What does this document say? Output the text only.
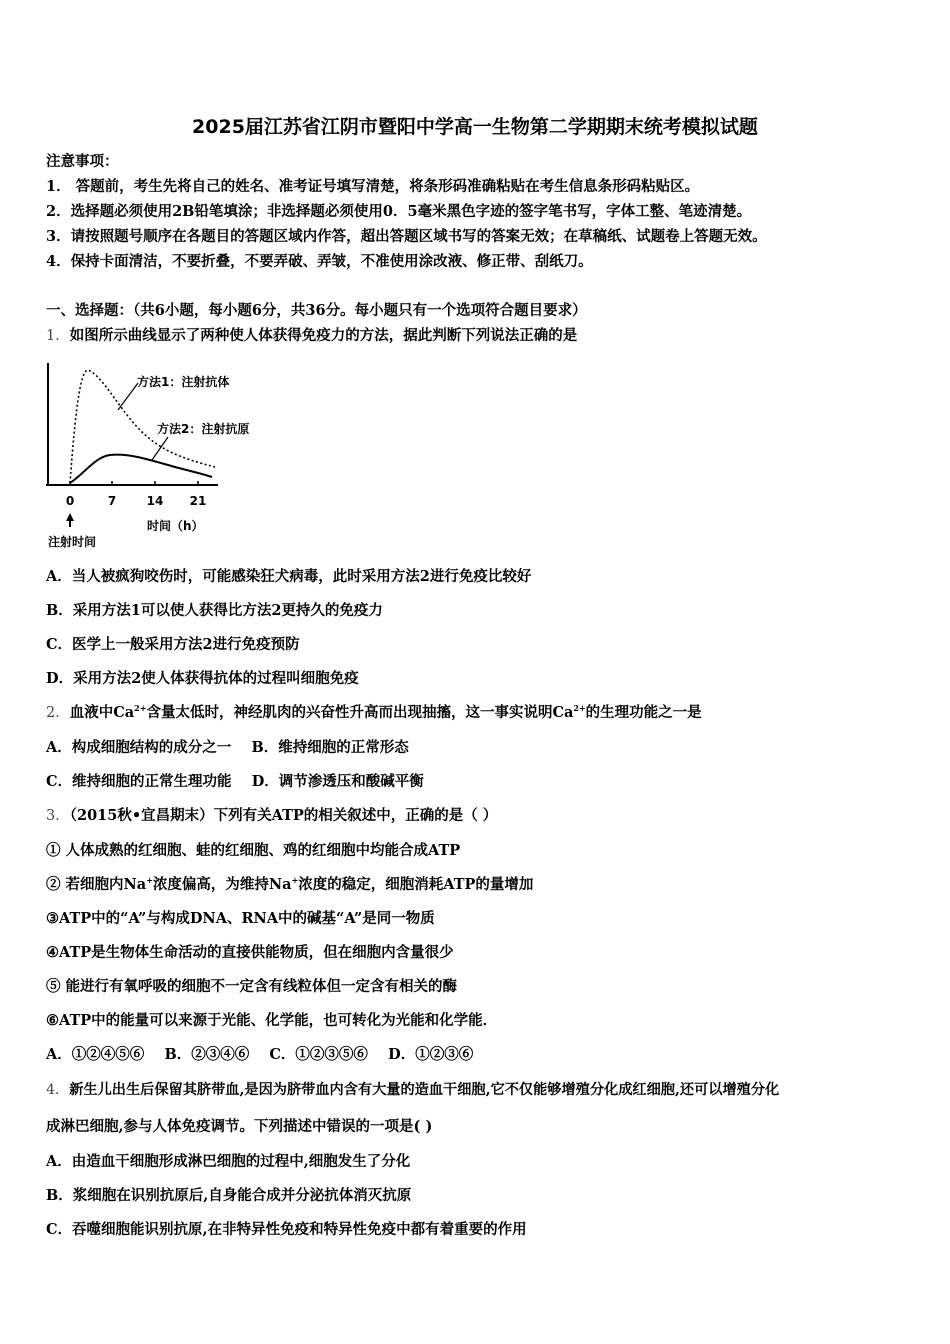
2025届江苏省江阴市暨阳中学高一生物第二学期期末统考模拟试题
注意事项：
1． 答题前，考生先将自己的姓名、准考证号填写清楚，将条形码准确粘贴在考生信息条形码粘贴区。
2．选择题必须使用2B铅笔填涂；非选择题必须使用0．5毫米黑色字迹的签字笔书写，字体工整、笔迹清楚。
3．请按照题号顺序在各题目的答题区域内作答，超出答题区域书写的答案无效；在草稿纸、试题卷上答题无效。
4．保持卡面清洁，不要折叠，不要弄破、弄皱，不准使用涂改液、修正带、刮纸刀。
一、选择题：（共6小题，每小题6分，共36分。每小题只有一个选项符合题目要求）
1．如图所示曲线显示了两种使人体获得免疫力的方法，据此判断下列说法正确的是
方法1：注射抗体
方法2：注射抗原
0	7	14 21
时间（h）
注射时间
A．当人被疯狗咬伤时，可能感染狂犬病毒，此时采用方法2进行免疫比较好
B．采用方法1可以使人获得比方法2更持久的免疫力
C．医学上一般采用方法2进行免疫预防
D．采用方法2使人体获得抗体的过程叫细胞免疫
2．血液中$Ca^{2+}$含量太低时，神经肌肉的兴奋性升高而出现抽搐，这一事实说明$Ca^{2+}$的生理功能之一是
A．构成细胞结构的成分之一    B．维持细胞的正常形态
C．维持细胞的正常生理功能    D．调节渗透压和酸碱平衡
3．（2015秋•宜昌期末）下列有关ATP的相关叙述中，正确的是（ ）
① 人体成熟的红细胞、蛙的红细胞、鸡的红细胞中均能合成ATP
② 若细胞内Na+浓度偏高，为维持Na+浓度的稳定，细胞消耗ATP的量增加
③ATP中的“A”与构成DNA、RNA中的碱基“A”是同一物质
④ATP是生物体生命活动的直接供能物质，但在细胞内含量很少
⑤ 能进行有氧呼吸的细胞不一定含有线粒体但一定含有相关的酶
⑥ATP中的能量可以来源于光能、化学能，也可转化为光能和化学能．
A．①②④⑤⑥    B．②③④⑥    C．①②③⑤⑥    D．①②③⑥
4．新生儿出生后保留其脐带血,是因为脐带血内含有大量的造血干细胞,它不仅能够增殖分化成红细胞,还可以增殖分化
成淋巴细胞,参与人体免疫调节。下列描述中错误的一项是( )
A．由造血干细胞形成淋巴细胞的过程中,细胞发生了分化
B．浆细胞在识别抗原后,自身能合成并分泌抗体消灭抗原
C．吞噬细胞能识别抗原,在非特异性免疫和特异性免疫中都有着重要的作用
